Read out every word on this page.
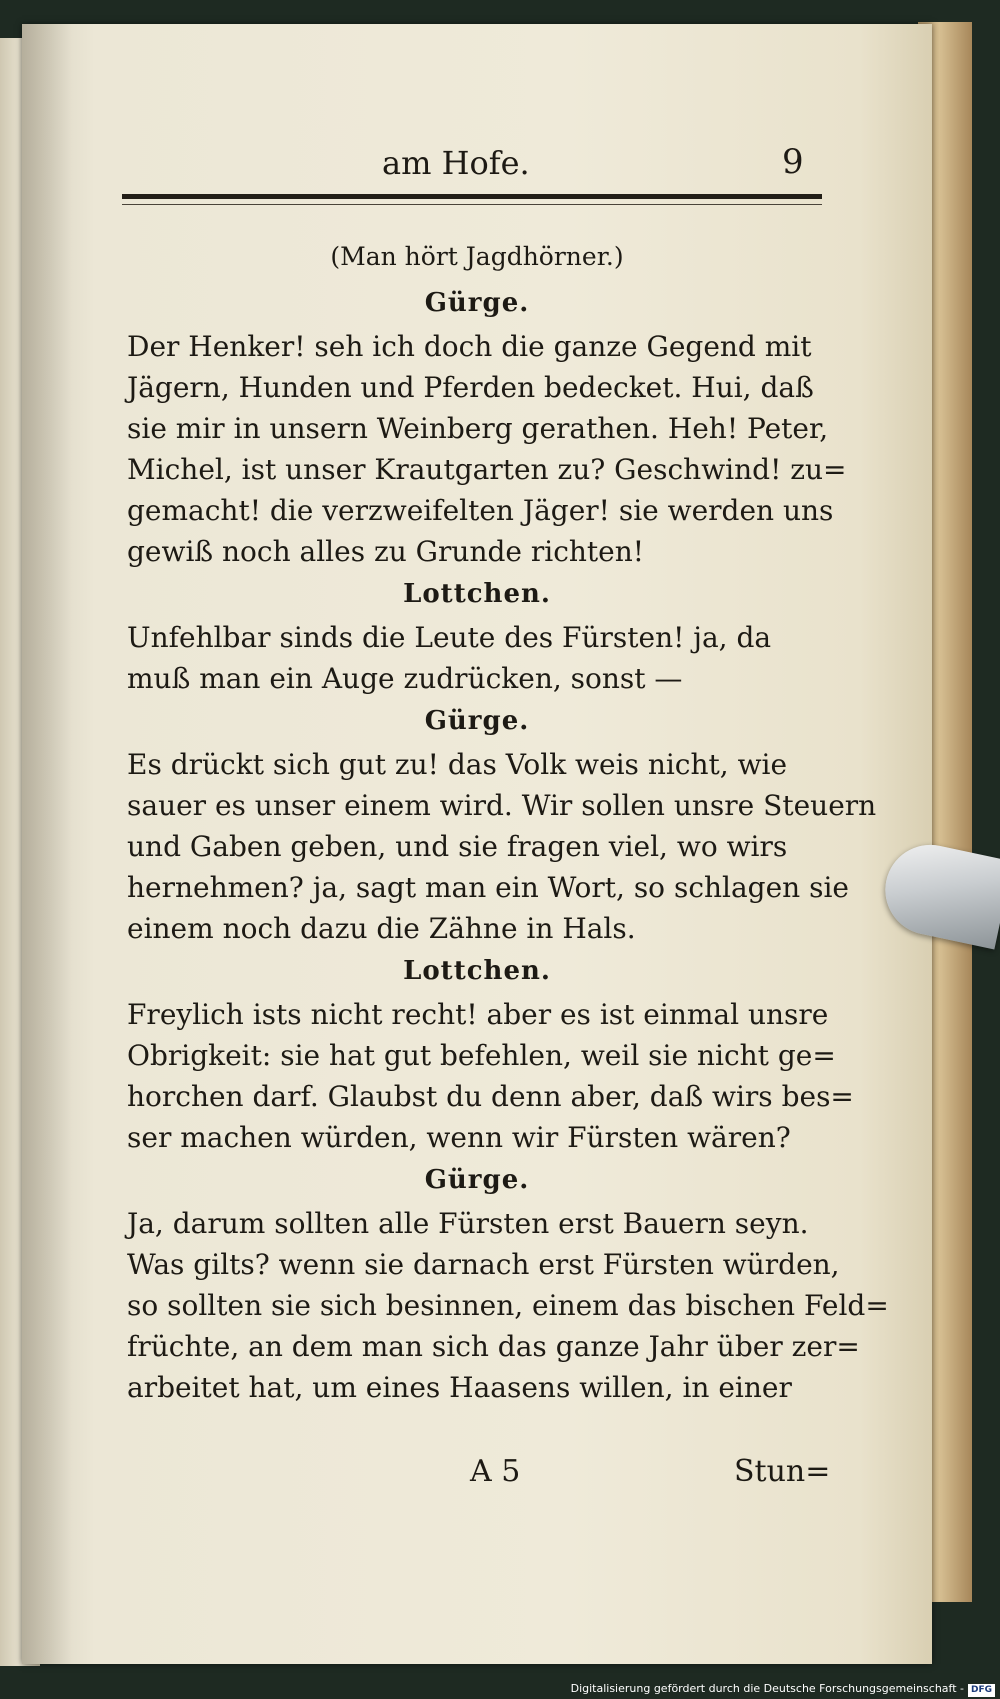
am Hofe.	9
(Man hört Jagdhörner.)
Gürge.
Der Henker! seh ich doch die ganze Gegend mit
Jägern, Hunden und Pferden bedecket. Hui, daß
sie mir in unsern Weinberg gerathen. Heh! Peter,
Michel, ist unser Krautgarten zu? Geschwind! zu=
gemacht! die verzweifelten Jäger! sie werden uns
gewiß noch alles zu Grunde richten!
Lottchen.
Unfehlbar sinds die Leute des Fürsten! ja, da
muß man ein Auge zudrücken, sonst —
Gürge.
Es drückt sich gut zu! das Volk weis nicht, wie
sauer es unser einem wird. Wir sollen unsre Steuern
und Gaben geben, und sie fragen viel, wo wirs
hernehmen? ja, sagt man ein Wort, so schlagen sie
einem noch dazu die Zähne in Hals.
Lottchen.
Freylich ists nicht recht! aber es ist einmal unsre
Obrigkeit: sie hat gut befehlen, weil sie nicht ge=
horchen darf. Glaubst du denn aber, daß wirs bes=
ser machen würden, wenn wir Fürsten wären?
Gürge.
Ja, darum sollten alle Fürsten erst Bauern seyn.
Was gilts? wenn sie darnach erst Fürsten würden,
so sollten sie sich besinnen, einem das bischen Feld=
früchte, an dem man sich das ganze Jahr über zer=
arbeitet hat, um eines Haasens willen, in einer
A 5	Stun=
Digitalisierung gefördert durch die Deutsche Forschungsgemeinschaft - DFG
